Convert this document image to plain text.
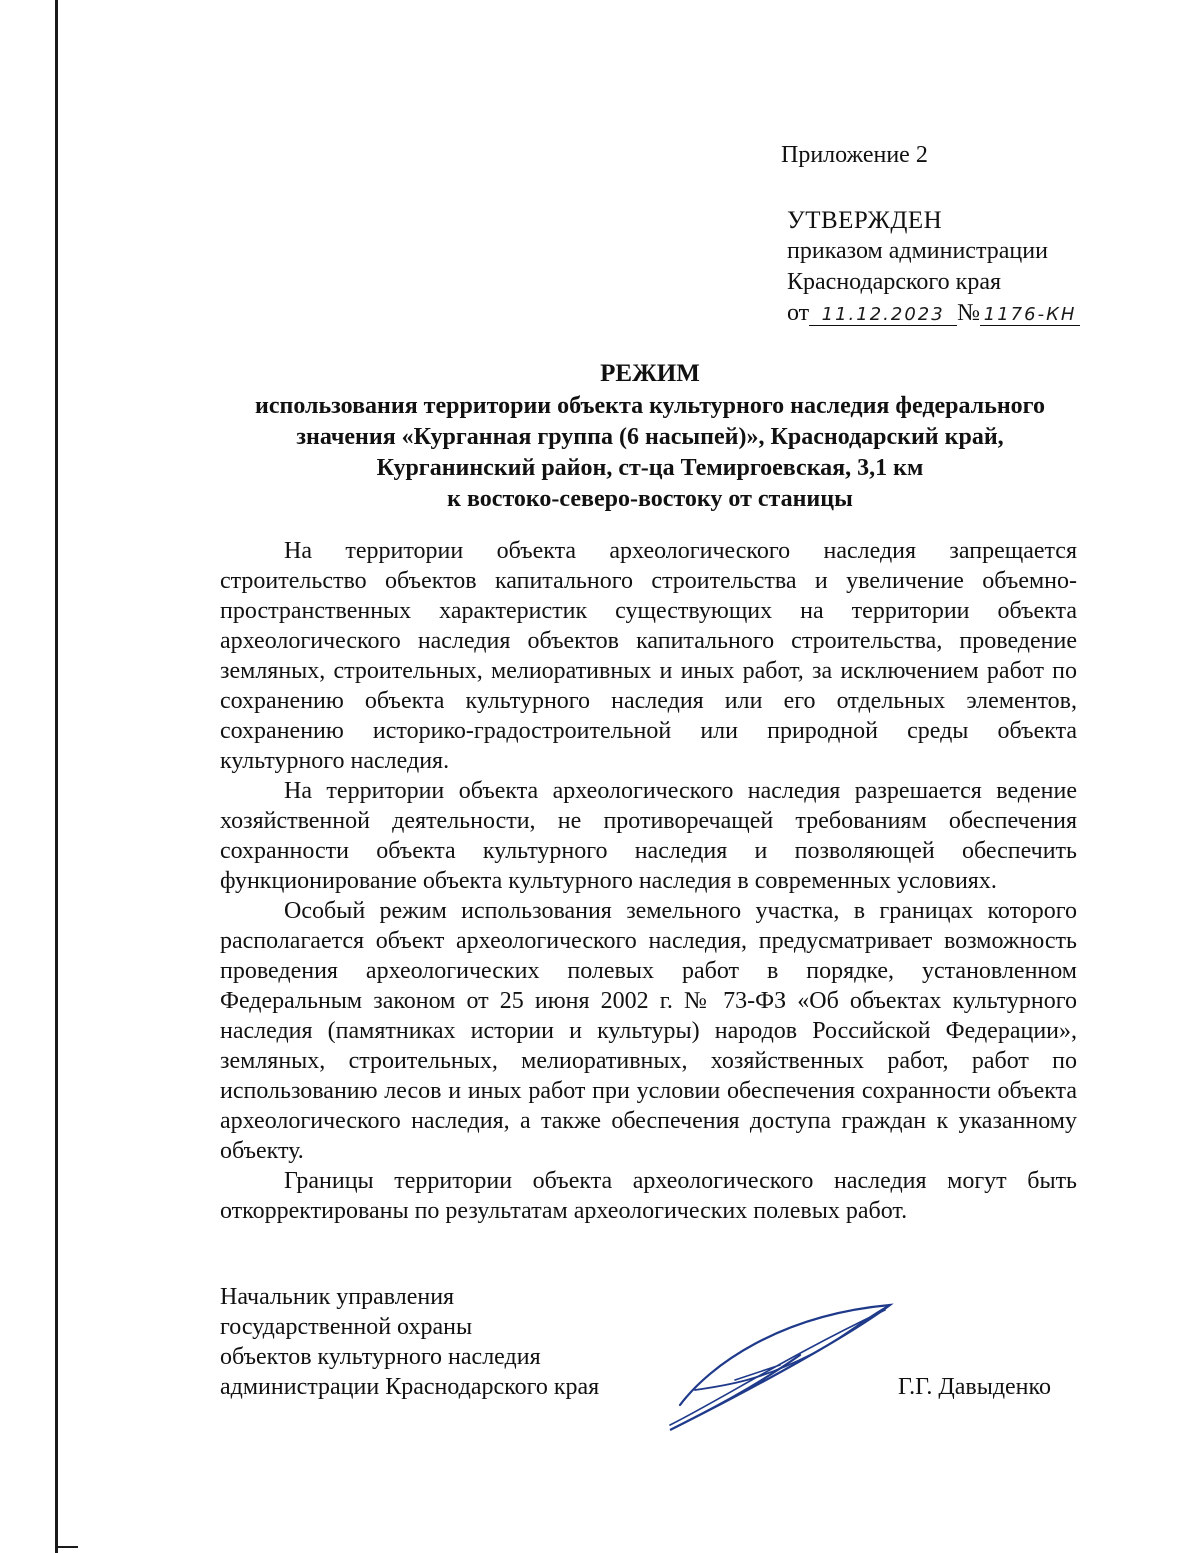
Приложение 2
УТВЕРЖДЕН
приказом администрации
Краснодарского края
от 11.12.2023 № 1176-КН
РЕЖИМ
использования территории объекта культурного наследия федерального
значения «Курганная группа (6 насыпей)», Краснодарский край,
Курганинский район, ст-ца Темиргоевская, 3,1 км
к востоко-северо-востоку от станицы

На территории объекта археологического наследия запрещается строительство объектов капитального строительства и увеличение объемно-пространственных характеристик существующих на территории объекта археологического наследия объектов капитального строительства, проведение земляных, строительных, мелиоративных и иных работ, за исключением работ по сохранению объекта культурного наследия или его отдельных элементов, сохранению историко-градостроительной или природной среды объекта культурного наследия.

На территории объекта археологического наследия разрешается ведение хозяйственной деятельности, не противоречащей требованиям обеспечения сохранности объекта культурного наследия и позволяющей обеспечить функционирование объекта культурного наследия в современных условиях.

Особый режим использования земельного участка, в границах которого располагается объект археологического наследия, предусматривает возможность проведения археологических полевых работ в порядке, установленном Федеральным законом от 25 июня 2002 г. № 73-ФЗ «Об объектах культурного наследия (памятниках истории и культуры) народов Российской Федерации», земляных, строительных, мелиоративных, хозяйственных работ, работ по использованию лесов и иных работ при условии обеспечения сохранности объекта археологического наследия, а также обеспечения доступа граждан к указанному объекту.

Границы территории объекта археологического наследия могут быть откорректированы по результатам археологических полевых работ.

Начальник управления
государственной охраны
объектов культурного наследия
администрации Краснодарского края	Г.Г. Давыденко
